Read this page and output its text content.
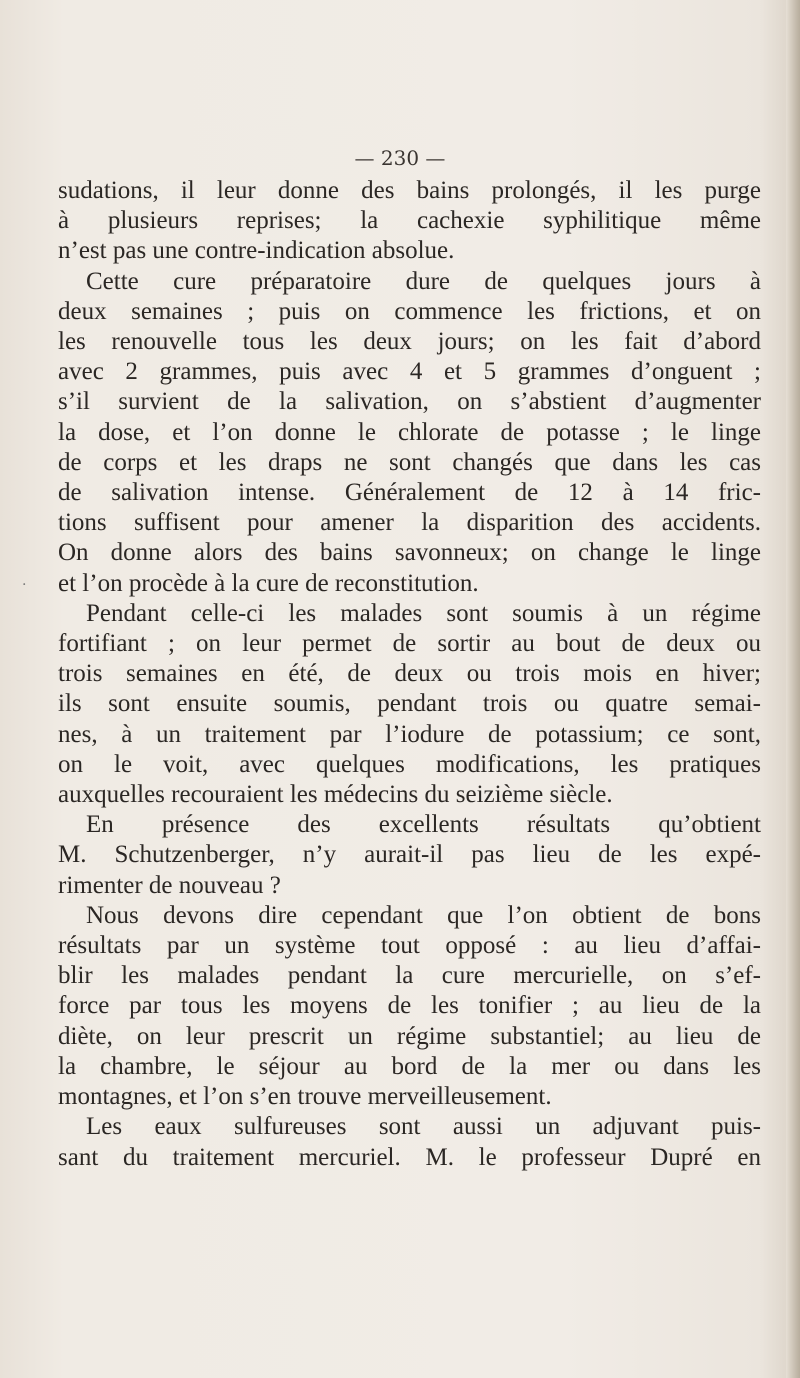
— 230 —
.
sudations, il leur donne des bains prolongés, il les purge
à plusieurs reprises; la cachexie syphilitique même
n’est pas une contre-indication absolue.
Cette cure préparatoire dure de quelques jours à
deux semaines ; puis on commence les frictions, et on
les renouvelle tous les deux jours; on les fait d’abord
avec 2 grammes, puis avec 4 et 5 grammes d’onguent ;
s’il survient de la salivation, on s’abstient d’augmenter
la dose, et l’on donne le chlorate de potasse ; le linge
de corps et les draps ne sont changés que dans les cas
de salivation intense. Généralement de 12 à 14 fric-
tions suffisent pour amener la disparition des accidents.
On donne alors des bains savonneux; on change le linge
et l’on procède à la cure de reconstitution.
Pendant celle-ci les malades sont soumis à un régime
fortifiant ; on leur permet de sortir au bout de deux ou
trois semaines en été, de deux ou trois mois en hiver;
ils sont ensuite soumis, pendant trois ou quatre semai-
nes, à un traitement par l’iodure de potassium; ce sont,
on le voit, avec quelques modifications, les pratiques
auxquelles recouraient les médecins du seizième siècle.
En présence des excellents résultats qu’obtient
M. Schutzenberger, n’y aurait-il pas lieu de les expé-
rimenter de nouveau ?
Nous devons dire cependant que l’on obtient de bons
résultats par un système tout opposé : au lieu d’affai-
blir les malades pendant la cure mercurielle, on s’ef-
force par tous les moyens de les tonifier ; au lieu de la
diète, on leur prescrit un régime substantiel; au lieu de
la chambre, le séjour au bord de la mer ou dans les
montagnes, et l’on s’en trouve merveilleusement.
Les eaux sulfureuses sont aussi un adjuvant puis-
sant du traitement mercuriel. M. le professeur Dupré en
